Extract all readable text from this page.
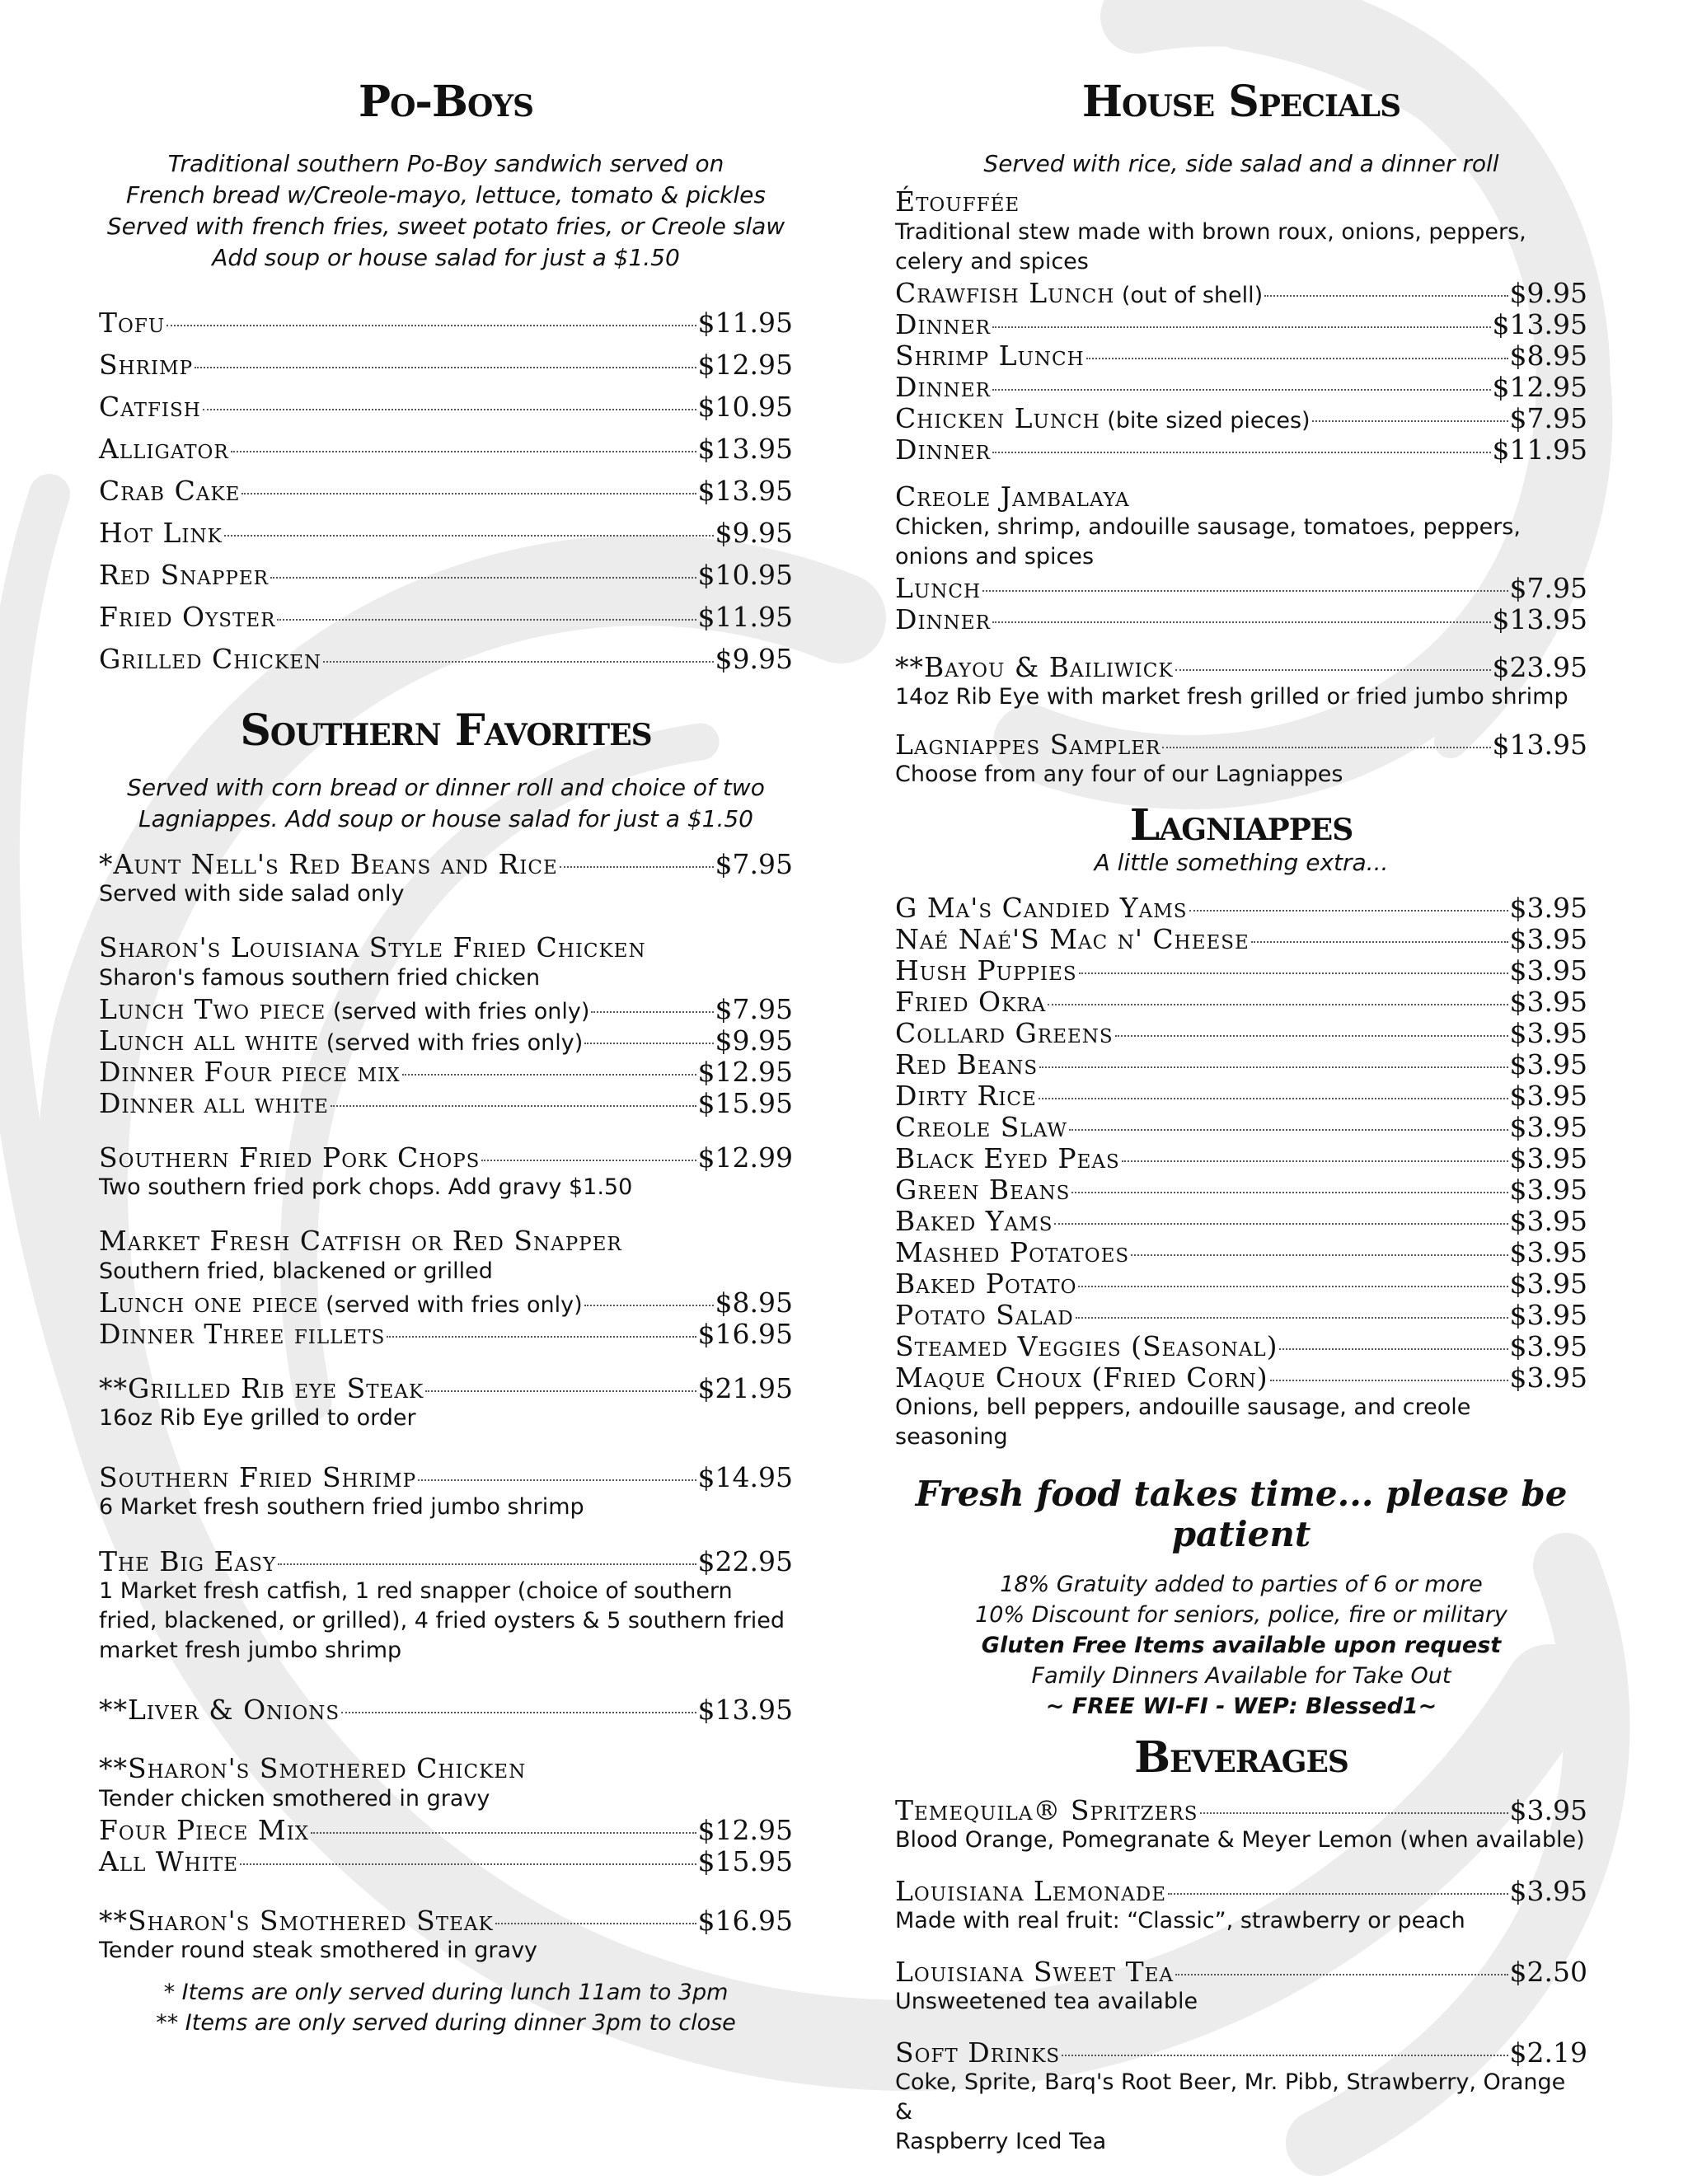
Po-Boys
Traditional southern Po-Boy sandwich served on
French bread w/Creole-mayo, lettuce, tomato & pickles
Served with french fries, sweet potato fries, or Creole slaw
Add soup or house salad for just a $1.50
Tofu	$11.95
Shrimp	$12.95
Catfish	$10.95
Alligator	$13.95
Crab Cake	$13.95
Hot Link	$9.95
Red Snapper	$10.95
Fried Oyster	$11.95
Grilled Chicken	$9.95
Southern Favorites
Served with corn bread or dinner roll and choice of two
Lagniappes. Add soup or house salad for just a $1.50
*Aunt Nell's Red Beans and Rice	$7.95
Served with side salad only
Sharon's Louisiana Style Fried Chicken
Sharon's famous southern fried chicken
Lunch Two piece (served with fries only)	$7.95
Lunch all white (served with fries only)	$9.95
Dinner Four piece mix	$12.95
Dinner all white	$15.95
Southern Fried Pork Chops	$12.99
Two southern fried pork chops. Add gravy $1.50
Market Fresh Catfish or Red Snapper
Southern fried, blackened or grilled
Lunch one piece (served with fries only)	$8.95
Dinner Three fillets	$16.95
**Grilled Rib eye Steak	$21.95
16oz Rib Eye grilled to order
Southern Fried Shrimp	$14.95
6 Market fresh southern fried jumbo shrimp
The Big Easy	$22.95
1 Market fresh catfish, 1 red snapper (choice of southern
fried, blackened, or grilled), 4 fried oysters & 5 southern fried
market fresh jumbo shrimp
**Liver & Onions	$13.95
**Sharon's Smothered Chicken
Tender chicken smothered in gravy
Four Piece Mix	$12.95
All White	$15.95
**Sharon's Smothered Steak	$16.95
Tender round steak smothered in gravy
* Items are only served during lunch 11am to 3pm
** Items are only served during dinner 3pm to close
House Specials
Served with rice, side salad and a dinner roll
Étouffée
Traditional stew made with brown roux, onions, peppers,
celery and spices
Crawfish Lunch (out of shell)	$9.95
Dinner	$13.95
Shrimp Lunch	$8.95
Dinner	$12.95
Chicken Lunch (bite sized pieces)	$7.95
Dinner	$11.95
Creole Jambalaya
Chicken, shrimp, andouille sausage, tomatoes, peppers,
onions and spices
Lunch	$7.95
Dinner	$13.95
**Bayou & Bailiwick	$23.95
14oz Rib Eye with market fresh grilled or fried jumbo shrimp
Lagniappes Sampler	$13.95
Choose from any four of our Lagniappes
Lagniappes
A little something extra...
G Ma's Candied Yams	$3.95
Naé Naé'S Mac n' Cheese	$3.95
Hush Puppies	$3.95
Fried Okra	$3.95
Collard Greens	$3.95
Red Beans	$3.95
Dirty Rice	$3.95
Creole Slaw	$3.95
Black Eyed Peas	$3.95
Green Beans	$3.95
Baked Yams	$3.95
Mashed Potatoes	$3.95
Baked Potato	$3.95
Potato Salad	$3.95
Steamed Veggies (Seasonal)	$3.95
Maque Choux (Fried Corn)	$3.95
Onions, bell peppers, andouille sausage, and creole seasoning
Fresh food takes time... please be patient
18% Gratuity added to parties of 6 or more
10% Discount for seniors, police, fire or military
Gluten Free Items available upon request
Family Dinners Available for Take Out
~ FREE WI-FI - WEP: Blessed1~
Beverages
Temequila® Spritzers	$3.95
Blood Orange, Pomegranate & Meyer Lemon (when available)
Louisiana Lemonade	$3.95
Made with real fruit: “Classic”, strawberry or peach
Louisiana Sweet Tea	$2.50
Unsweetened tea available
Soft Drinks	$2.19
Coke, Sprite, Barq's Root Beer, Mr. Pibb, Strawberry, Orange &
Raspberry Iced Tea
